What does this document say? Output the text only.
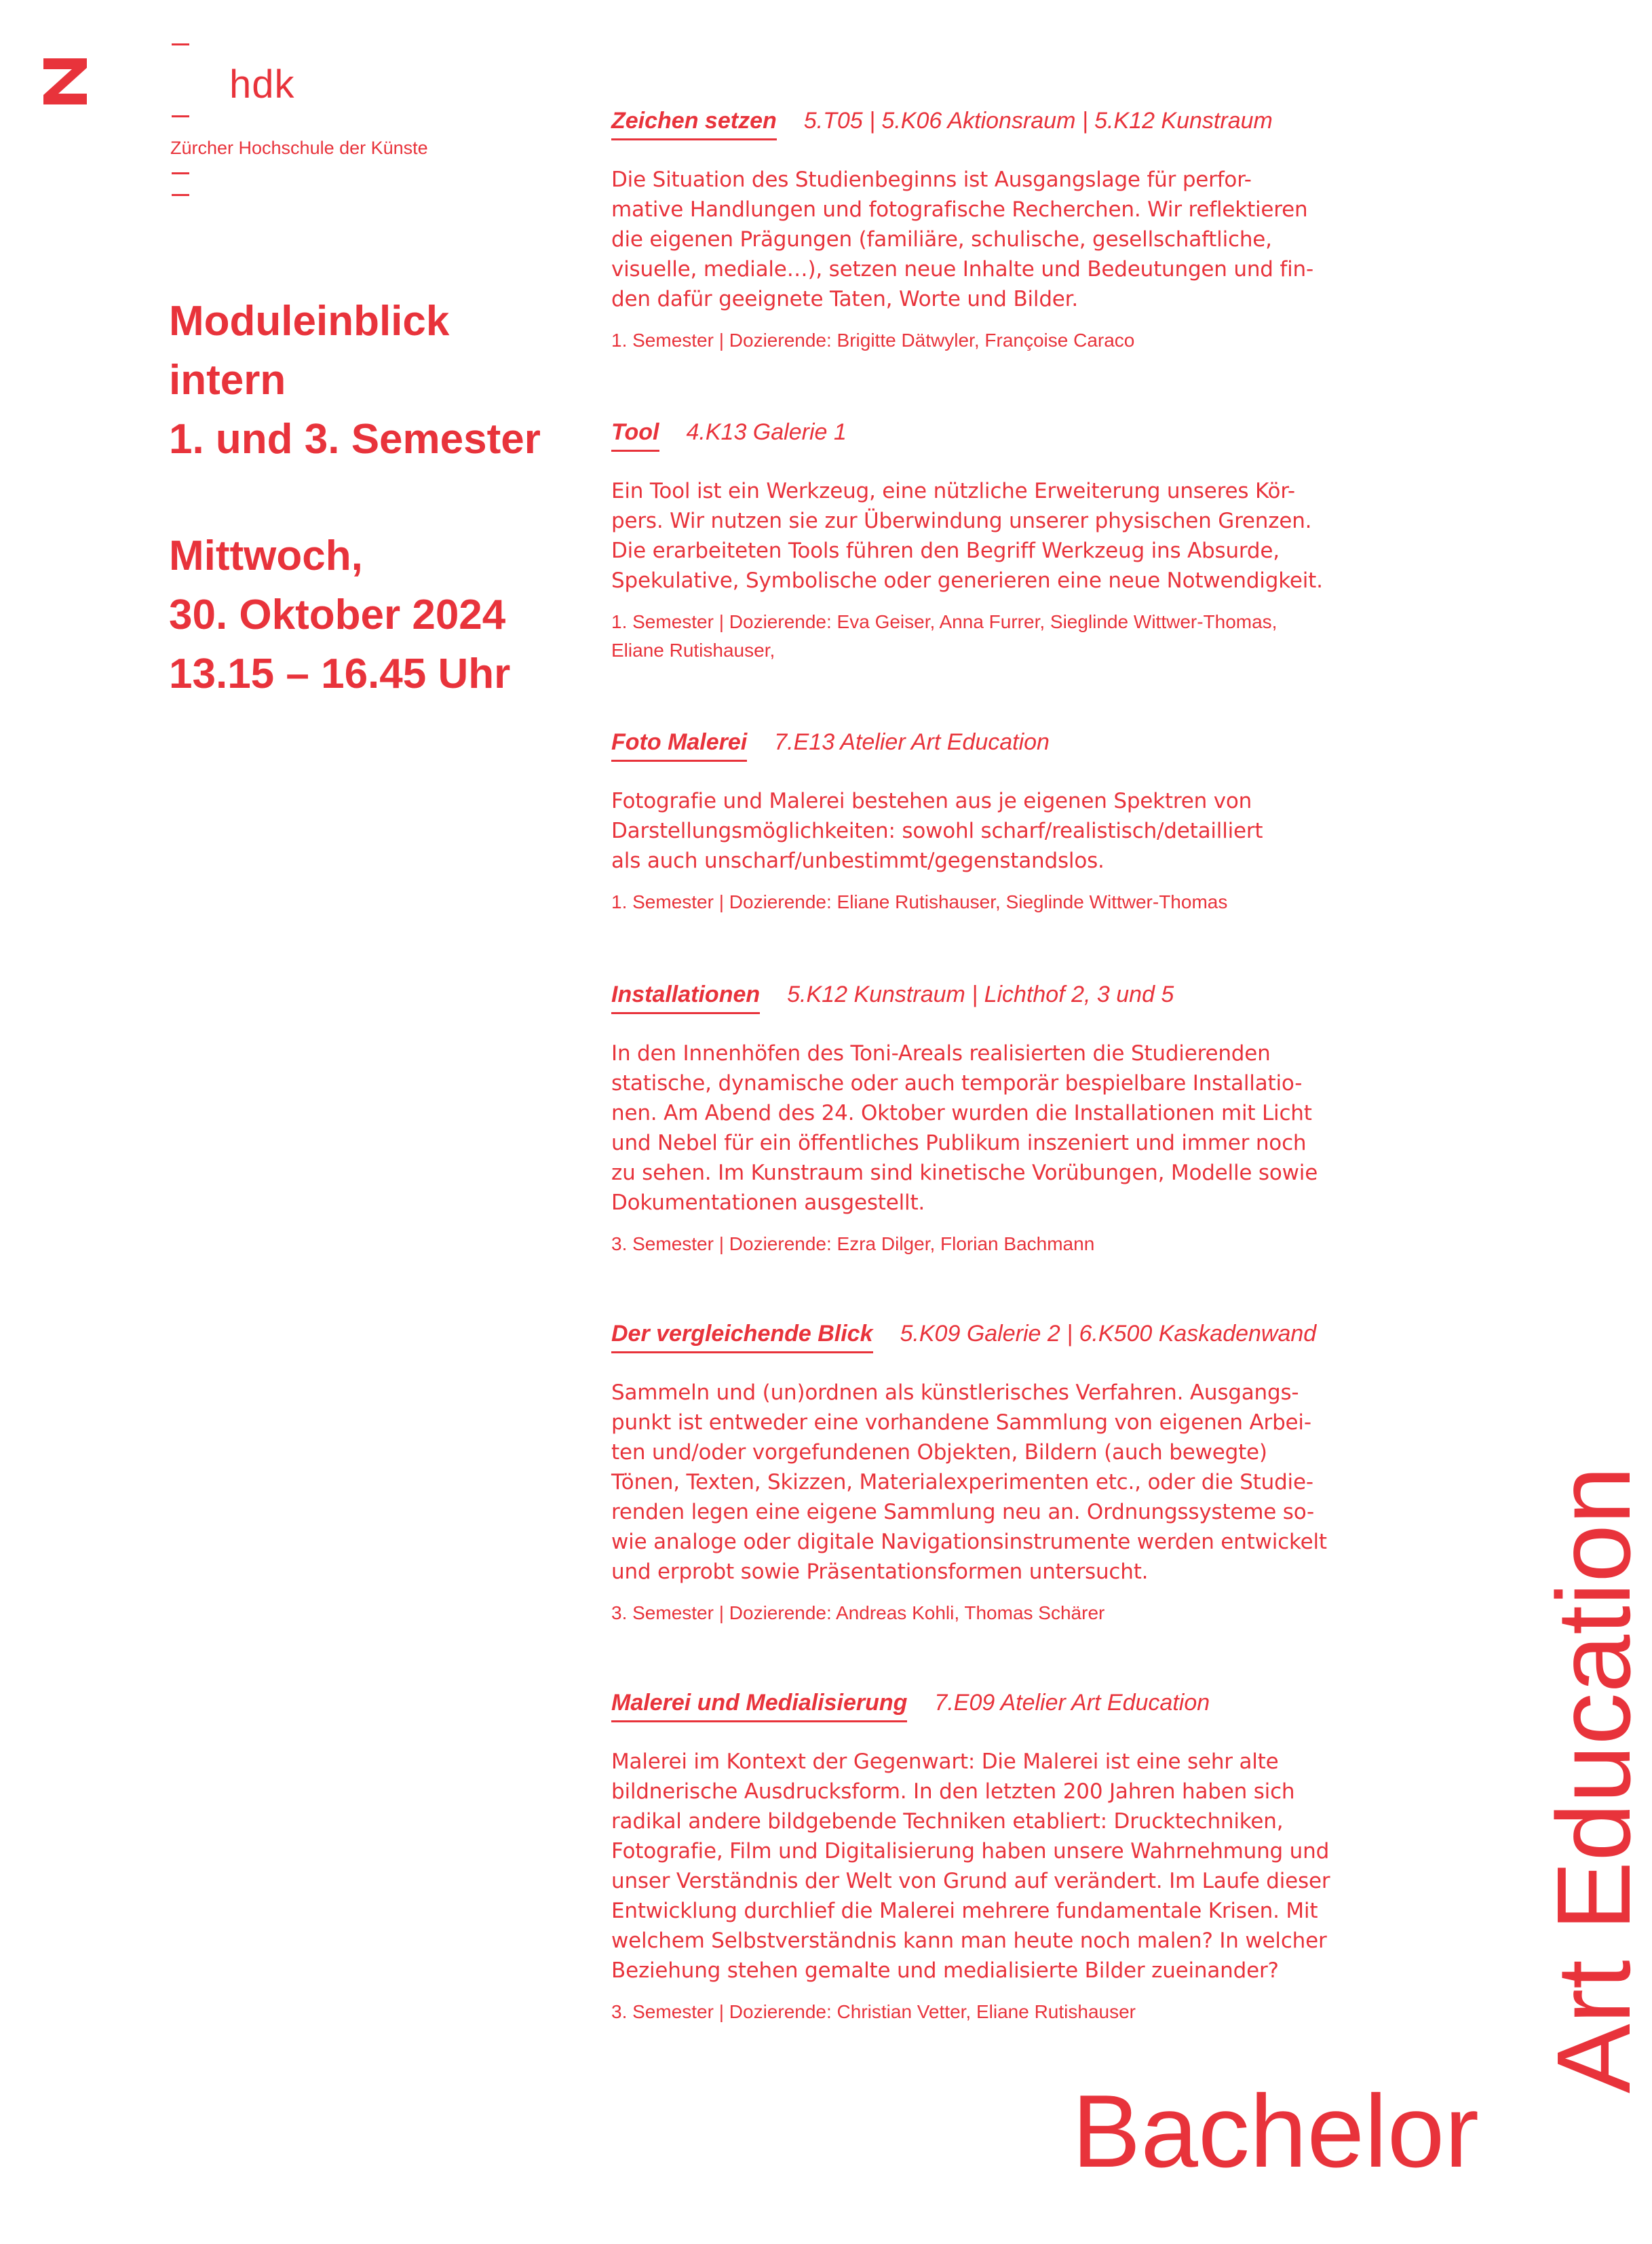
hdk
Zürcher Hochschule der Künste
Moduleinblick
intern
1. und 3. Semester
Mittwoch,
30. Oktober 2024
13.15 – 16.45 Uhr
Zeichen setzen 5.T05 | 5.K06 Aktionsraum | 5.K12 Kunstraum
Die Situation des Studienbeginns ist Ausgangslage für perfor-
mative Handlungen und fotografische Recherchen. Wir reflektieren
die eigenen Prägungen (familiäre, schulische, gesellschaftliche,
visuelle, mediale…), setzen neue Inhalte und Bedeutungen und fin-
den dafür geeignete Taten, Worte und Bilder.
1. Semester | Dozierende: Brigitte Dätwyler, Françoise Caraco
Tool 4.K13 Galerie 1
Ein Tool ist ein Werkzeug, eine nützliche Erweiterung unseres Kör-
pers. Wir nutzen sie zur Überwindung unserer physischen Grenzen.
Die erarbeiteten Tools führen den Begriff Werkzeug ins Absurde,
Spekulative, Symbolische oder generieren eine neue Notwendigkeit.
1. Semester | Dozierende: Eva Geiser, Anna Furrer, Sieglinde Wittwer-Thomas,
Eliane Rutishauser,
Foto Malerei 7.E13 Atelier Art Education
Fotografie und Malerei bestehen aus je eigenen Spektren von
Darstellungsmöglichkeiten: sowohl scharf/realistisch/detailliert
als auch unscharf/unbestimmt/gegenstandslos.
1. Semester | Dozierende: Eliane Rutishauser, Sieglinde Wittwer-Thomas
Installationen 5.K12 Kunstraum | Lichthof 2, 3 und 5
In den Innenhöfen des Toni-Areals realisierten die Studierenden
statische, dynamische oder auch temporär bespielbare Installatio-
nen. Am Abend des 24. Oktober wurden die Installationen mit Licht
und Nebel für ein öffentliches Publikum inszeniert und immer noch
zu sehen. Im Kunstraum sind kinetische Vorübungen, Modelle sowie
Dokumentationen ausgestellt.
3. Semester | Dozierende: Ezra Dilger, Florian Bachmann
Der vergleichende Blick 5.K09 Galerie 2 | 6.K500 Kaskadenwand
Sammeln und (un)ordnen als künstlerisches Verfahren. Ausgangs-
punkt ist entweder eine vorhandene Sammlung von eigenen Arbei-
ten und/oder vorgefundenen Objekten, Bildern (auch bewegte)
Tönen, Texten, Skizzen, Materialexperimenten etc., oder die Studie-
renden legen eine eigene Sammlung neu an. Ordnungssysteme so-
wie analoge oder digitale Navigationsinstrumente werden entwickelt
und erprobt sowie Präsentationsformen untersucht.
3. Semester | Dozierende: Andreas Kohli, Thomas Schärer
Malerei und Medialisierung 7.E09 Atelier Art Education
Malerei im Kontext der Gegenwart: Die Malerei ist eine sehr alte
bildnerische Ausdrucksform. In den letzten 200 Jahren haben sich
radikal andere bildgebende Techniken etabliert: Drucktechniken,
Fotografie, Film und Digitalisierung haben unsere Wahrnehmung und
unser Verständnis der Welt von Grund auf verändert. Im Laufe dieser
Entwicklung durchlief die Malerei mehrere fundamentale Krisen. Mit
welchem Selbstverständnis kann man heute noch malen? In welcher
Beziehung stehen gemalte und medialisierte Bilder zueinander?
3. Semester | Dozierende: Christian Vetter, Eliane Rutishauser	Art Education
Bachelor
